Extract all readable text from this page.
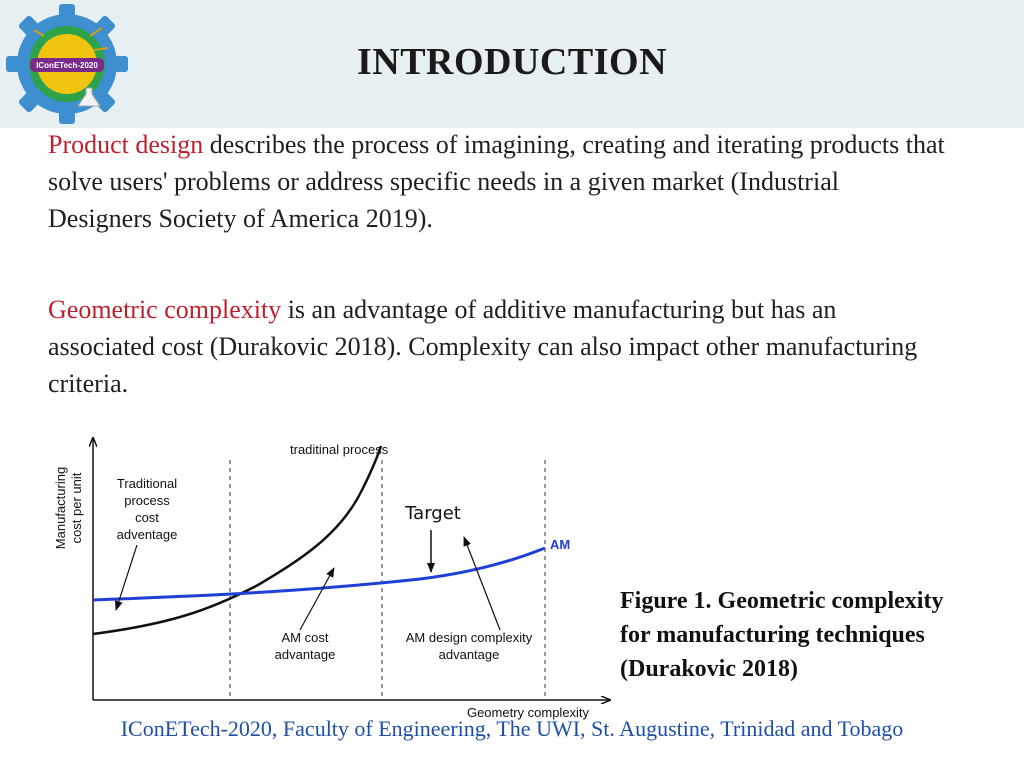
IConETech-2020	INTRODUCTION
Product design describes the process of imagining, creating and iterating products that solve users' problems or address specific needs in a given market (Industrial Designers Society of America 2019).
Geometric complexity is an advantage of additive manufacturing but has an associated cost (Durakovic 2018). Complexity can also impact other manufacturing criteria.
Manufacturing cost per unit
traditinal process
AM
Target
Traditional
process
cost
adventage
AM cost
advantage
AM design complexity
advantage
Geometry complexity
Figure 1. Geometric complexity for manufacturing techniques (Durakovic 2018)
IConETech-2020, Faculty of Engineering, The UWI, St. Augustine, Trinidad and Tobago
